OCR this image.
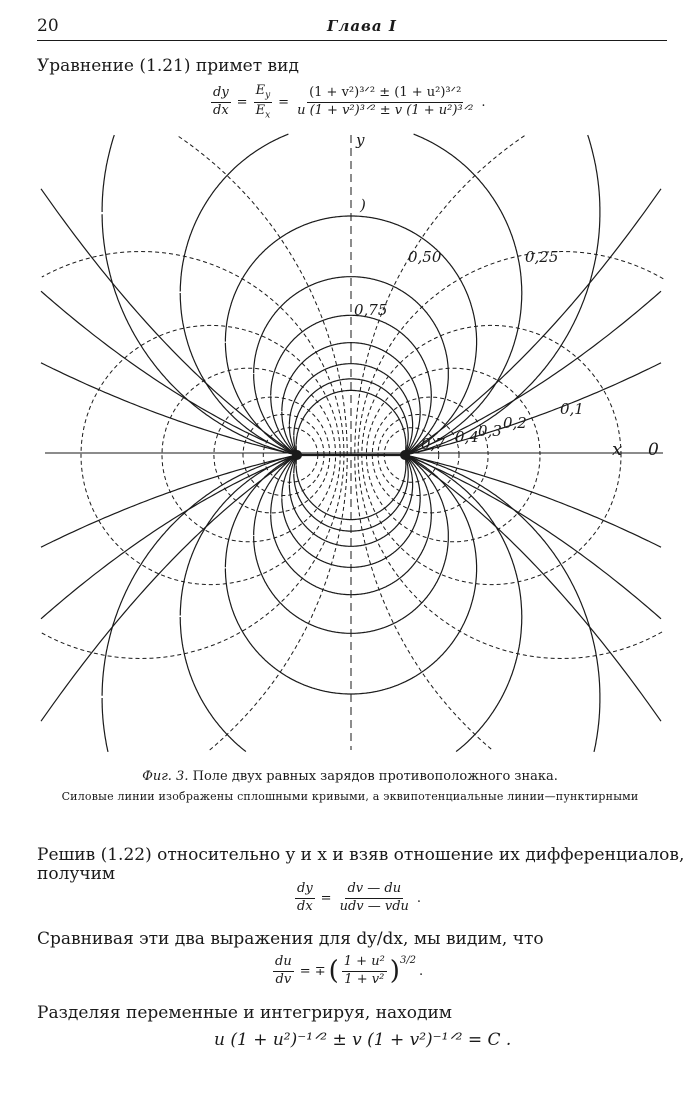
20	Глава I
Уравнение (1.21) примет вид
$\frac{dy}{dx} = \frac{E_y}{E_x} = \frac{\text{(1 + v²)³ᐟ² ± (1 + u²)³ᐟ²}}{\text{u (1 + v²)³ᐟ² ± v (1 + u²)³ᐟ²}}$ .
y
)
x 0
0,50	0,25
0,75
0,1
0,2
0,3
0,4
0,7
Фиг. 3. Поле двух равных зарядов противоположного знака.
Силовые линии изображены сплошными кривыми, а эквипотенциальные линии—пунктирными
Решив (1.22) относительно y и x и взяв отношение их дифференциалов,
получим
$\frac{dy}{dx} = \frac{dv — du}{\text{udv — vdu}}$ .
Сравнивая эти два выражения для dy/dx, мы видим, что
$\frac{du}{dv}$ = ∓ ( $\frac{\text{1 + u²}}{\text{1 + v²}} )^{3/2}$
.
Разделяя переменные и интегрируя, находим
u (1 + u²)⁻¹ᐟ² ± v (1 + v²)⁻¹ᐟ² = C .
